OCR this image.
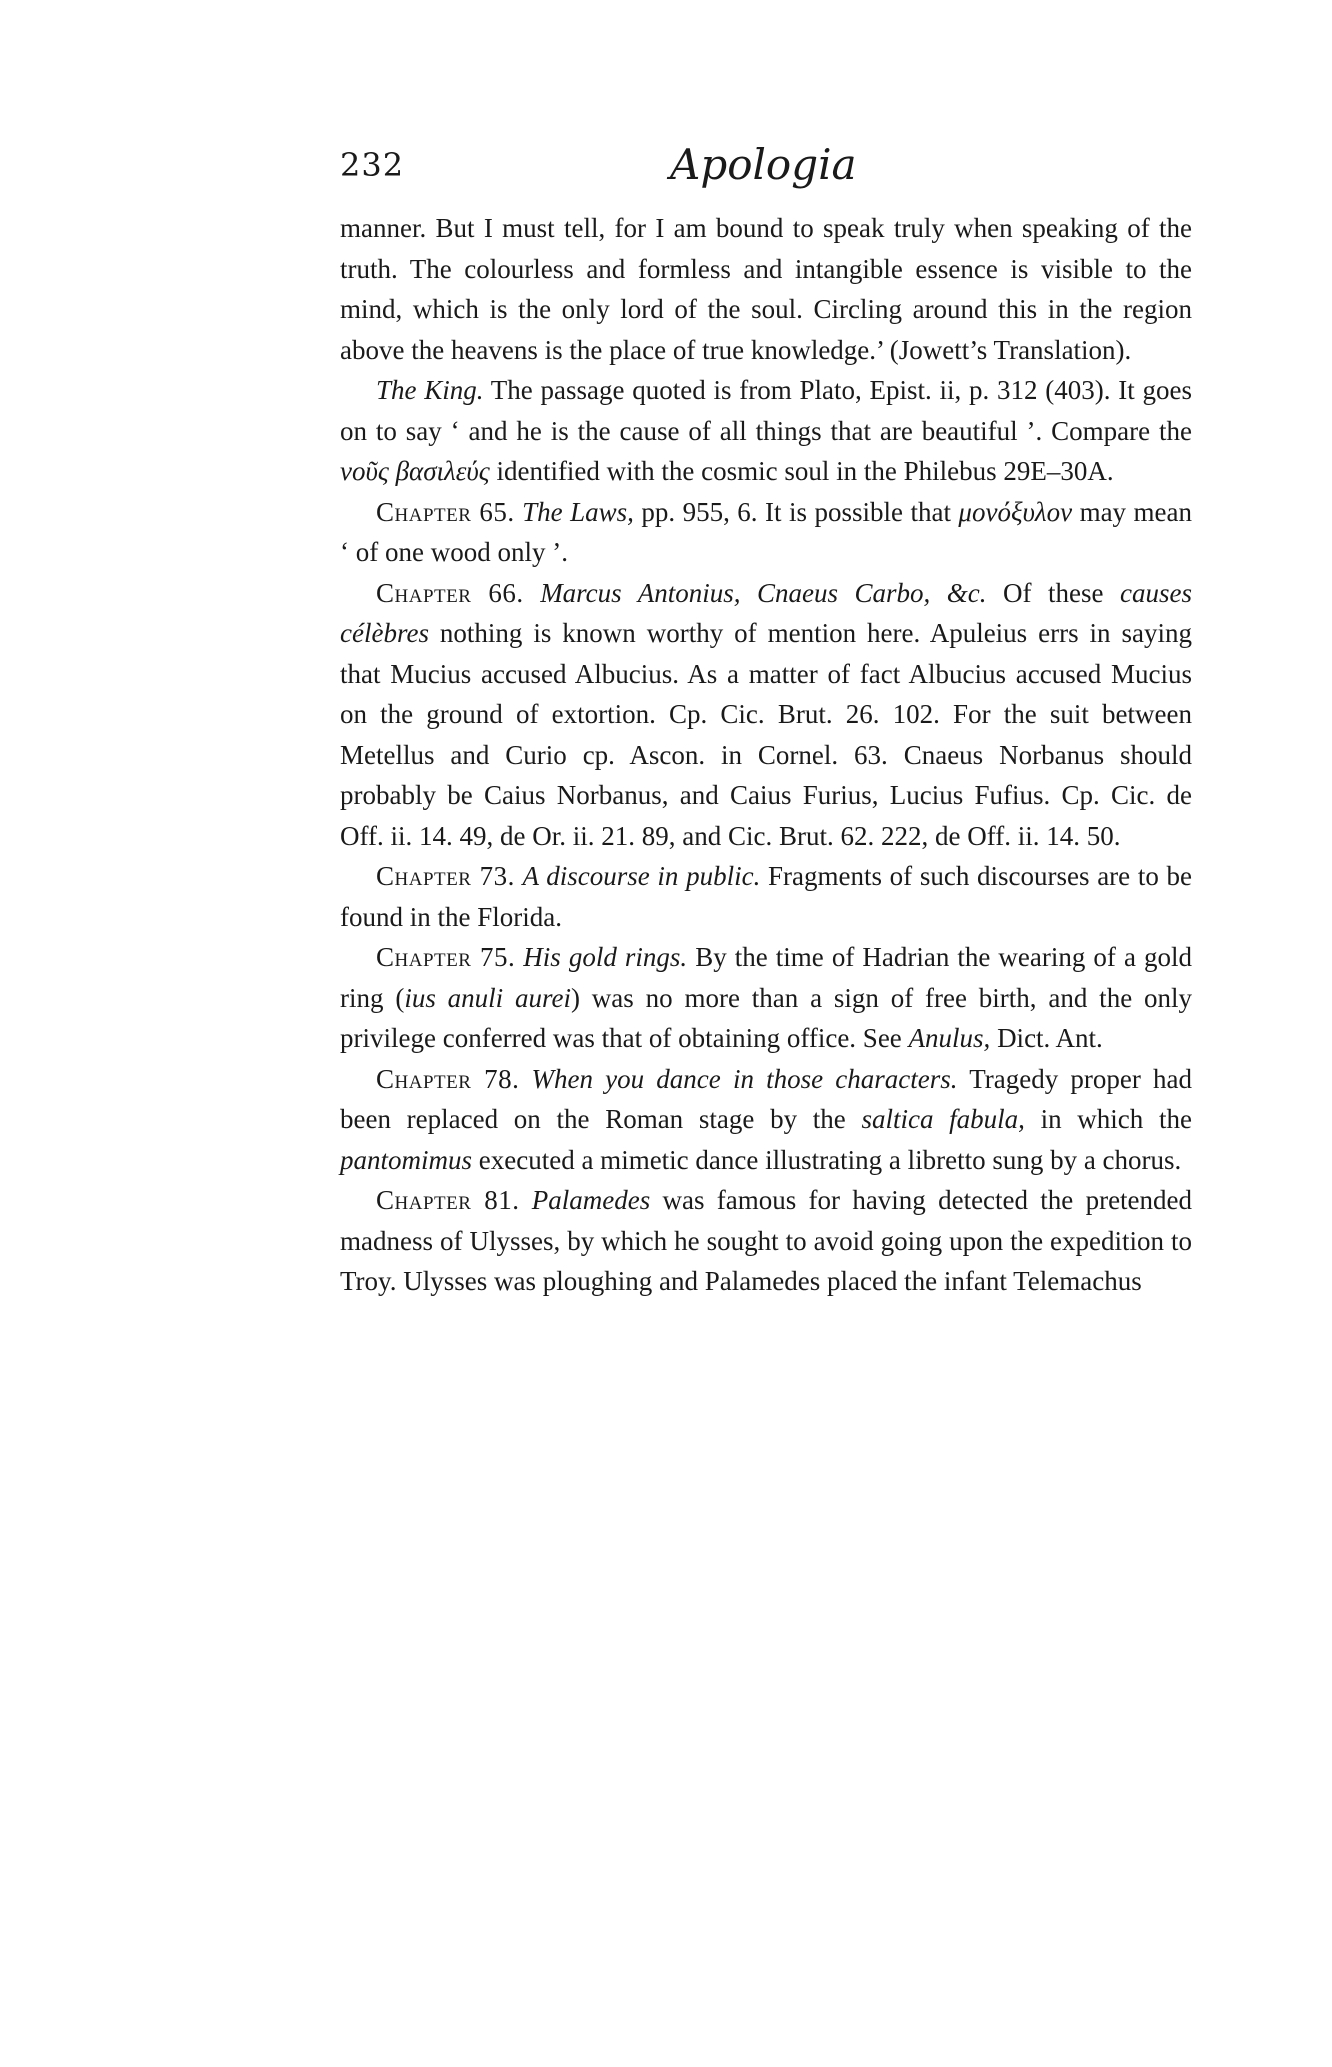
232	Apologia

manner. But I must tell, for I am bound to speak truly when speaking of the truth. The colourless and formless and intangible essence is visible to the mind, which is the only lord of the soul. Circling around this in the region above the heavens is the place of true knowledge.’ (Jowett’s Translation).

The King. The passage quoted is from Plato, Epist. ii, p. 312 (403). It goes on to say ‘ and he is the cause of all things that are beautiful ’. Compare the νοῦς βασιλεύς identified with the cosmic soul in the Philebus 29E–30A.

Chapter 65. The Laws, pp. 955, 6. It is possible that μονόξυλον may mean ‘ of one wood only ’.

Chapter 66. Marcus Antonius, Cnaeus Carbo, &c. Of these causes célèbres nothing is known worthy of mention here. Apuleius errs in saying that Mucius accused Albucius. As a matter of fact Albucius accused Mucius on the ground of extortion. Cp. Cic. Brut. 26. 102. For the suit between Metellus and Curio cp. Ascon. in Cornel. 63. Cnaeus Norbanus should probably be Caius Norbanus, and Caius Furius, Lucius Fufius. Cp. Cic. de Off. ii. 14. 49, de Or. ii. 21. 89, and Cic. Brut. 62. 222, de Off. ii. 14. 50.

Chapter 73. A discourse in public. Fragments of such discourses are to be found in the Florida.

Chapter 75. His gold rings. By the time of Hadrian the wearing of a gold ring (ius anuli aurei) was no more than a sign of free birth, and the only privilege conferred was that of obtaining office. See Anulus, Dict. Ant.

Chapter 78. When you dance in those characters. Tragedy proper had been replaced on the Roman stage by the saltica fabula, in which the pantomimus executed a mimetic dance illustrating a libretto sung by a chorus.

Chapter 81. Palamedes was famous for having detected the pretended madness of Ulysses, by which he sought to avoid going upon the expedition to Troy. Ulysses was ploughing and Palamedes placed the infant Telemachus
